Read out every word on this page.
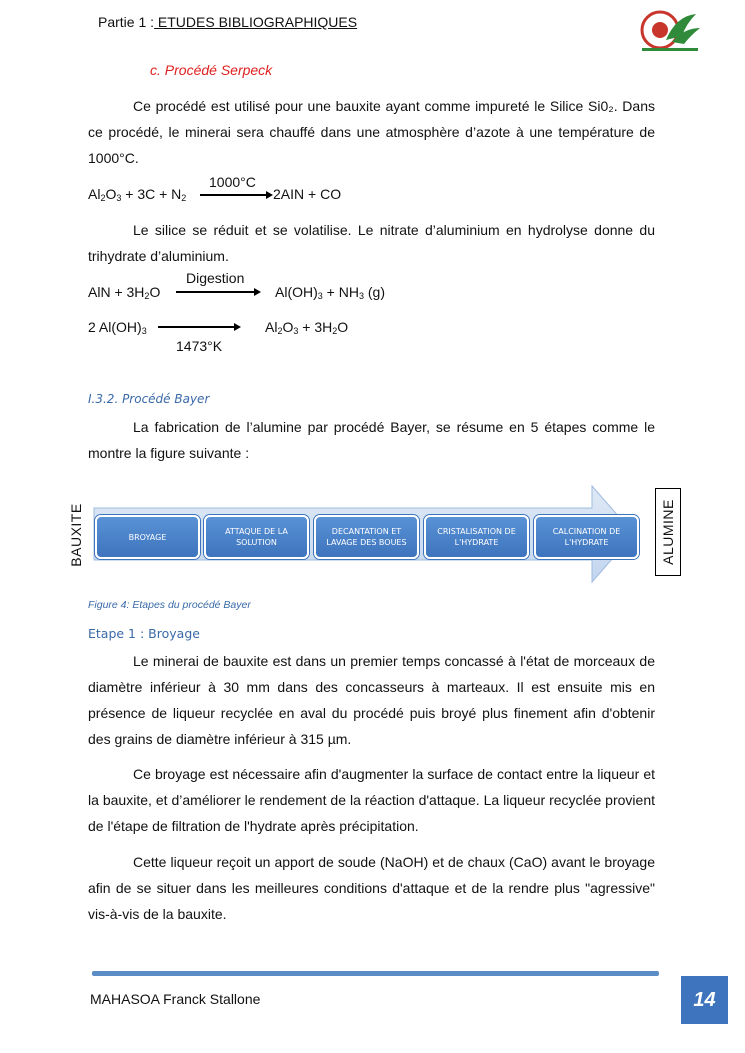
Partie 1 : ETUDES BIBLIOGRAPHIQUES
c. Procédé Serpeck
Ce procédé est utilisé pour une bauxite ayant comme impureté le Silice Si0₂. Dans ce procédé, le minerai sera chauffé dans une atmosphère d’azote à une température de 1000°C.
1000°C
$Al_2O_3 + 3C + N_2$	2AIN + CO
Le silice se réduit et se volatilise. Le nitrate d’aluminium en hydrolyse donne du trihydrate d’aluminium.
Digestion
AlN + $3H_2O$	$Al(OH)_3 + NH_3$ (g)
2 $Al(OH)_3$	$Al_2O_3 + 3H_2O$
1473°K
I.3.2. Procédé Bayer
La fabrication de l’alumine par procédé Bayer, se résume en 5 étapes comme le montre la figure suivante :
BAUXITE	BROYAGE
ATTAQUE DE LA SOLUTION
DECANTATION ET LAVAGE DES BOUES
CRISTALISATION DE L'HYDRATE
CALCINATION DE L'HYDRATE	ALUMINE
Figure 4: Etapes du procédé Bayer
Etape 1 : Broyage
Le minerai de bauxite est dans un premier temps concassé à l'état de morceaux de diamètre inférieur à 30 mm dans des concasseurs à marteaux. Il est ensuite mis en présence de liqueur recyclée en aval du procédé puis broyé plus finement afin d'obtenir des grains de diamètre inférieur à 315 µm.
Ce broyage est nécessaire afin d'augmenter la surface de contact entre la liqueur et la bauxite, et d’améliorer le rendement de la réaction d'attaque. La liqueur recyclée provient de l'étape de filtration de l'hydrate après précipitation.
Cette liqueur reçoit un apport de soude (NaOH) et de chaux (CaO) avant le broyage afin de se situer dans les meilleures conditions d'attaque et de la rendre plus "agressive" vis-à-vis de la bauxite.
MAHASOA Franck Stallone	14
